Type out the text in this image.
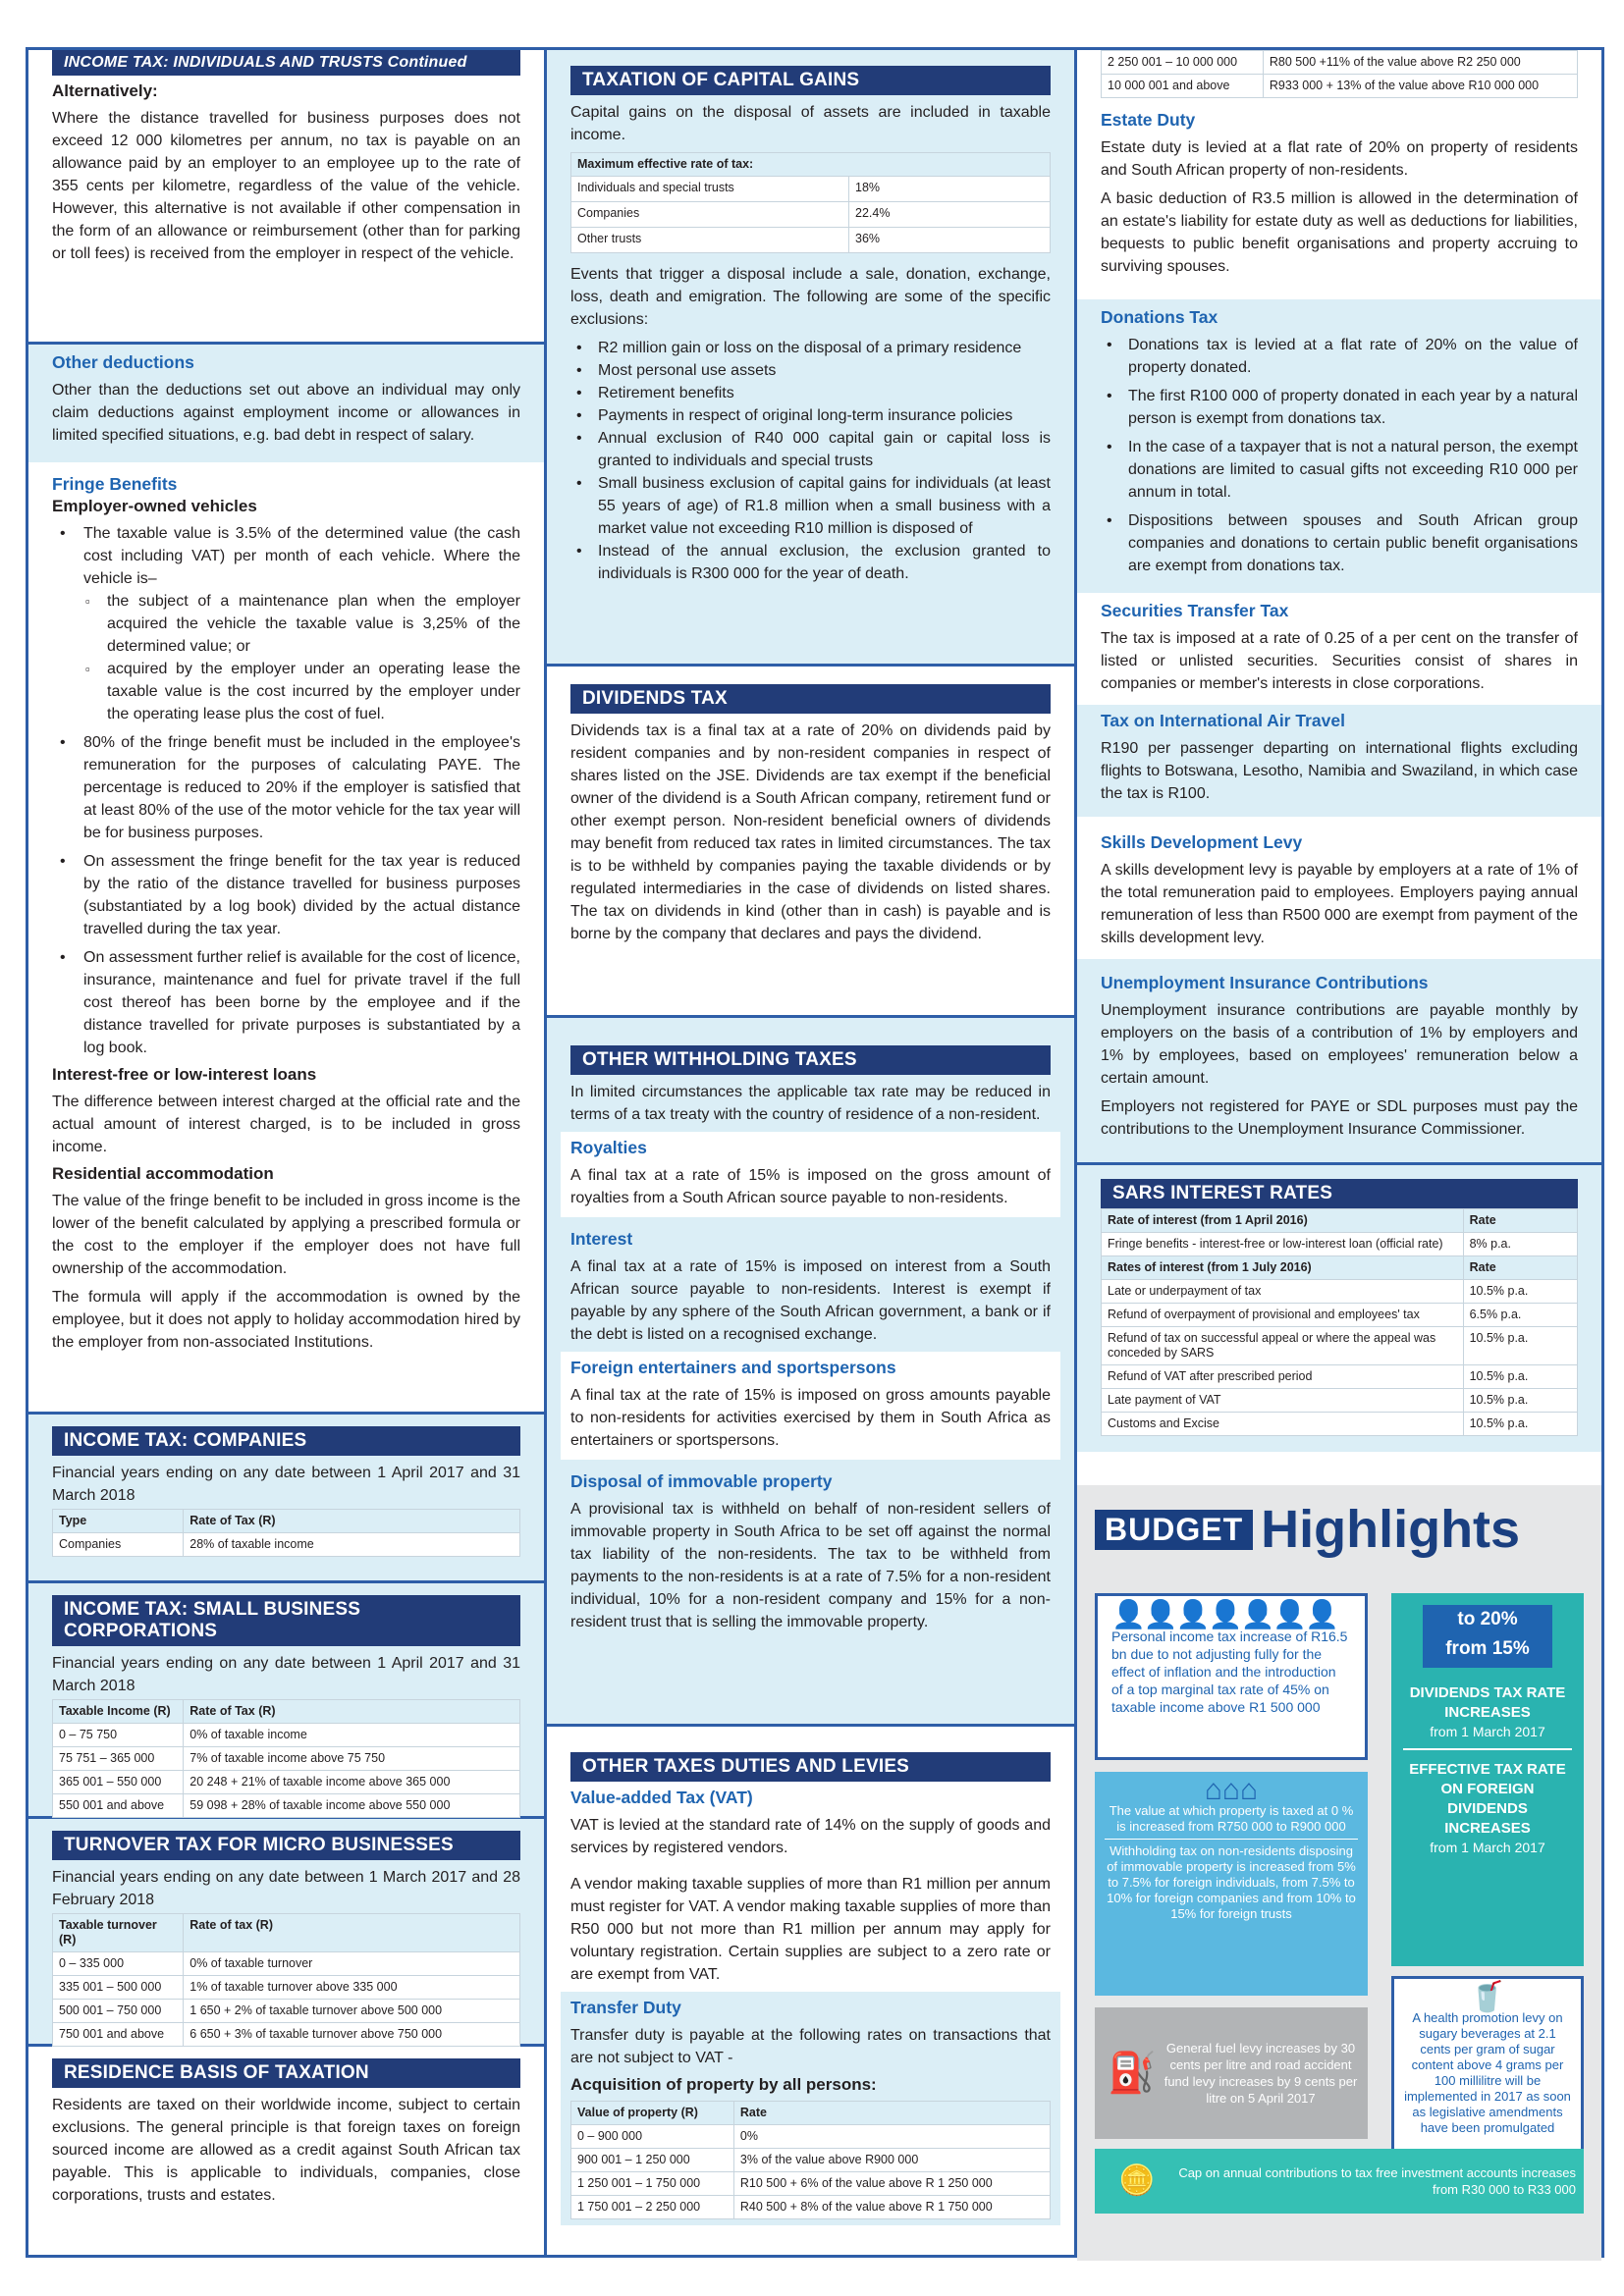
INCOME TAX: INDIVIDUALS AND TRUSTS Continued
Alternatively:

Where the distance travelled for business purposes does not exceed 12 000 kilometres per annum, no tax is payable on an allowance paid by an employer to an employee up to the rate of 355 cents per kilometre, regardless of the value of the vehicle. However, this alternative is not available if other compensation in the form of an allowance or reimbursement (other than for parking or toll fees) is received from the employer in respect of the vehicle.

Other deductions

Other than the deductions set out above an individual may only claim deductions against employment income or allowances in limited specified situations, e.g. bad debt in respect of salary.

Fringe Benefits
Employer-owned vehicles
• The taxable value is 3.5% of the determined value (the cash cost including VAT) per month of each vehicle. Where the vehicle is–
▫ the subject of a maintenance plan when the employer acquired the vehicle the taxable value is 3,25% of the determined value; or
▫ acquired by the employer under an operating lease the taxable value is the cost incurred by the employer under the operating lease plus the cost of fuel.
• 80% of the fringe benefit must be included in the employee's remuneration for the purposes of calculating PAYE. The percentage is reduced to 20% if the employer is satisfied that at least 80% of the use of the motor vehicle for the tax year will be for business purposes.
• On assessment the fringe benefit for the tax year is reduced by the ratio of the distance travelled for business purposes (substantiated by a log book) divided by the actual distance travelled during the tax year.
• On assessment further relief is available for the cost of licence, insurance, maintenance and fuel for private travel if the full cost thereof has been borne by the employee and if the distance travelled for private purposes is substantiated by a log book.
Interest-free or low-interest loans

The difference between interest charged at the official rate and the actual amount of interest charged, is to be included in gross income.

Residential accommodation

The value of the fringe benefit to be included in gross income is the lower of the benefit calculated by applying a prescribed formula or the cost to the employer if the employer does not have full ownership of the accommodation.

The formula will apply if the accommodation is owned by the employee, but it does not apply to holiday accommodation hired by the employer from non-associated Institutions.

INCOME TAX: COMPANIES

Financial years ending on any date between 1 April 2017 and 31 March 2018

Type	Rate of Tax (R)
Companies	28% of taxable income
INCOME TAX: SMALL BUSINESS CORPORATIONS

Financial years ending on any date between 1 April 2017 and 31 March 2018

Taxable Income (R)	Rate of Tax (R)
0 – 75 750	0% of taxable income
75 751 – 365 000	7% of taxable income above 75 750
365 001 – 550 000	20 248 + 21% of taxable income above 365 000
550 001 and above	59 098 + 28% of taxable income above 550 000
TURNOVER TAX FOR MICRO BUSINESSES

Financial years ending on any date between 1 March 2017 and 28 February 2018

Taxable turnover (R)	Rate of tax (R)
0 – 335 000	0% of taxable turnover
335 001 – 500 000	1% of taxable turnover above 335 000
500 001 – 750 000	1 650 + 2% of taxable turnover above 500 000
750 001 and above	6 650 + 3% of taxable turnover above 750 000
RESIDENCE BASIS OF TAXATION

Residents are taxed on their worldwide income, subject to certain exclusions. The general principle is that foreign taxes on foreign sourced income are allowed as a credit against South African tax payable. This is applicable to individuals, companies, close corporations, trusts and estates.

TAXATION OF CAPITAL GAINS

Capital gains on the disposal of assets are included in taxable income.

Maximum effective rate of tax:	
Individuals and special trusts	18%
Companies	22.4%
Other trusts	36%

Events that trigger a disposal include a sale, donation, exchange, loss, death and emigration. The following are some of the specific exclusions:

• R2 million gain or loss on the disposal of a primary residence
• Most personal use assets
• Retirement benefits
• Payments in respect of original long-term insurance policies
• Annual exclusion of R40 000 capital gain or capital loss is granted to individuals and special trusts
• Small business exclusion of capital gains for individuals (at least 55 years of age) of R1.8 million when a small business with a market value not exceeding R10 million is disposed of
• Instead of the annual exclusion, the exclusion granted to individuals is R300 000 for the year of death.
DIVIDENDS TAX

Dividends tax is a final tax at a rate of 20% on dividends paid by resident companies and by non-resident companies in respect of shares listed on the JSE. Dividends are tax exempt if the beneficial owner of the dividend is a South African company, retirement fund or other exempt person. Non-resident beneficial owners of dividends may benefit from reduced tax rates in limited circumstances. The tax is to be withheld by companies paying the taxable dividends or by regulated intermediaries in the case of dividends on listed shares. The tax on dividends in kind (other than in cash) is payable and is borne by the company that declares and pays the dividend.

OTHER WITHHOLDING TAXES

In limited circumstances the applicable tax rate may be reduced in terms of a tax treaty with the country of residence of a non-resident.

Royalties

A final tax at a rate of 15% is imposed on the gross amount of royalties from a South African source payable to non-residents.

Interest

A final tax at a rate of 15% is imposed on interest from a South African source payable to non-residents. Interest is exempt if payable by any sphere of the South African government, a bank or if the debt is listed on a recognised exchange.

Foreign entertainers and sportspersons

A final tax at the rate of 15% is imposed on gross amounts payable to non-residents for activities exercised by them in South Africa as entertainers or sportspersons.

Disposal of immovable property

A provisional tax is withheld on behalf of non-resident sellers of immovable property in South Africa to be set off against the normal tax liability of the non-residents. The tax to be withheld from payments to the non-residents is at a rate of 7.5% for a non-resident individual, 10% for a non-resident company and 15% for a non-resident trust that is selling the immovable property.

OTHER TAXES DUTIES AND LEVIES
Value-added Tax (VAT)

VAT is levied at the standard rate of 14% on the supply of goods and services by registered vendors.

A vendor making taxable supplies of more than R1 million per annum must register for VAT. A vendor making taxable supplies of more than R50 000 but not more than R1 million per annum may apply for voluntary registration. Certain supplies are subject to a zero rate or are exempt from VAT.

Transfer Duty

Transfer duty is payable at the following rates on transactions that are not subject to VAT -

Acquisition of property by all persons:
Value of property (R)	Rate
0 – 900 000	0%
900 001 – 1 250 000	3% of the value above R900 000
1 250 001 – 1 750 000	R10 500 + 6% of the value above R 1 250 000
1 750 001 – 2 250 000	R40 500 + 8% of the value above R 1 750 000
2 250 001 – 10 000 000	R80 500 +11% of the value above R2 250 000
10 000 001 and above	R933 000 + 13% of the value above R10 000 000
Estate Duty

Estate duty is levied at a flat rate of 20% on property of residents and South African property of non-residents.

A basic deduction of R3.5 million is allowed in the determination of an estate's liability for estate duty as well as deductions for liabilities, bequests to public benefit organisations and property accruing to surviving spouses.

Donations Tax
• Donations tax is levied at a flat rate of 20% on the value of property donated.
• The first R100 000 of property donated in each year by a natural person is exempt from donations tax.
• In the case of a taxpayer that is not a natural person, the exempt donations are limited to casual gifts not exceeding R10 000 per annum in total.
• Dispositions between spouses and South African group companies and donations to certain public benefit organisations are exempt from donations tax.
Securities Transfer Tax

The tax is imposed at a rate of 0.25 of a per cent on the transfer of listed or unlisted securities. Securities consist of shares in companies or member's interests in close corporations.

Tax on International Air Travel

R190 per passenger departing on international flights excluding flights to Botswana, Lesotho, Namibia and Swaziland, in which case the tax is R100.

Skills Development Levy

A skills development levy is payable by employers at a rate of 1% of the total remuneration paid to employees. Employers paying annual remuneration of less than R500 000 are exempt from payment of the skills development levy.

Unemployment Insurance Contributions

Unemployment insurance contributions are payable monthly by employers on the basis of a contribution of 1% by employers and 1% by employees, based on employees' remuneration below a certain amount.

Employers not registered for PAYE or SDL purposes must pay the contributions to the Unemployment Insurance Commissioner.

SARS INTEREST RATES
Rate of interest (from 1 April 2016)	Rate
Fringe benefits - interest-free or low-interest loan (official rate)	8% p.a.
Rates of interest (from 1 July 2016)	Rate
Late or underpayment of tax	10.5% p.a.
Refund of overpayment of provisional and employees' tax	6.5% p.a.
Refund of tax on successful appeal or where the appeal was conceded by SARS	10.5% p.a.
Refund of VAT after prescribed period	10.5% p.a.
Late payment of VAT	10.5% p.a.
Customs and Excise	10.5% p.a.
BUDGET Highlights
👤👤👤👤👤👤👤
Personal income tax increase of R16.5 bn due to not adjusting fully for the effect of inflation and the introduction of a top marginal tax rate of 45% on taxable income above R1 500 000
to 20%
from 15%
DIVIDENDS TAX RATE INCREASES
from 1 March 2017
EFFECTIVE TAX RATE ON FOREIGN DIVIDENDS INCREASES
from 1 March 2017
⌂⌂⌂
The value at which property is taxed at 0 % is increased from R750 000 to R900 000
Withholding tax on non-residents disposing of immovable property is increased from 5% to 7.5% for foreign individuals, from 7.5% to 10% for foreign companies and from 10% to 15% for foreign trusts
🥤
A health promotion levy on sugary beverages at 2.1 cents per gram of sugar content above 4 grams per 100 millilitre will be implemented in 2017 as soon as legislative amendments have been promulgated
⛽
General fuel levy increases by 30 cents per litre and road accident fund levy increases by 9 cents per litre on 5 April 2017
🪙	Cap on annual contributions to tax free investment accounts increases from R30 000 to R33 000
